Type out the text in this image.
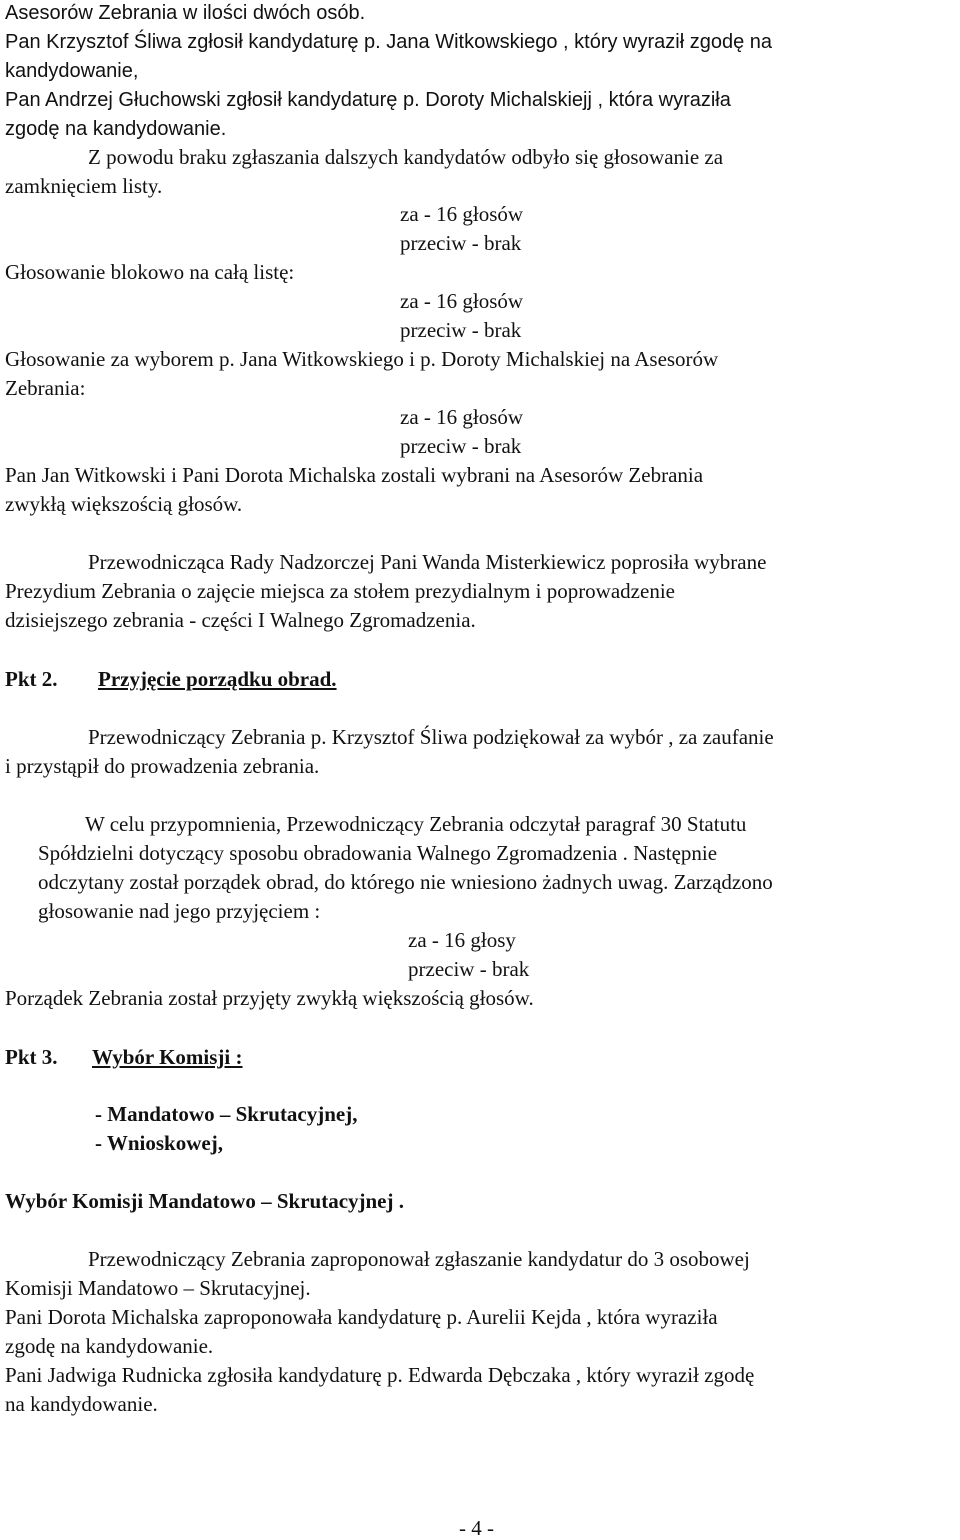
Asesorów Zebrania w ilości dwóch osób.
Pan Krzysztof Śliwa zgłosił kandydaturę p. Jana Witkowskiego , który wyraził zgodę na
kandydowanie,
Pan Andrzej Głuchowski zgłosił kandydaturę p. Doroty Michalskiejj , która wyraziła
zgodę na kandydowanie.
Z powodu braku zgłaszania dalszych kandydatów odbyło się głosowanie za
zamknięciem listy.
za - 16 głosów
przeciw - brak
Głosowanie blokowo na całą listę:
za - 16 głosów
przeciw - brak
Głosowanie za wyborem p. Jana Witkowskiego i p. Doroty Michalskiej na Asesorów
Zebrania:
za - 16 głosów
przeciw - brak
Pan Jan Witkowski i Pani Dorota Michalska zostali wybrani na Asesorów Zebrania
zwykłą większością głosów.
Przewodnicząca Rady Nadzorczej Pani Wanda Misterkiewicz poprosiła wybrane
Prezydium Zebrania o zajęcie miejsca za stołem prezydialnym i poprowadzenie
dzisiejszego zebrania - części I Walnego Zgromadzenia.
Pkt 2. Przyjęcie porządku obrad.
Przewodniczący Zebrania p. Krzysztof Śliwa podziękował za wybór , za zaufanie
i przystąpił do prowadzenia zebrania.
W celu przypomnienia, Przewodniczący Zebrania odczytał paragraf 30 Statutu
Spółdzielni dotyczący sposobu obradowania Walnego Zgromadzenia . Następnie
odczytany został porządek obrad, do którego nie wniesiono żadnych uwag. Zarządzono
głosowanie nad jego przyjęciem :
za - 16 głosy
przeciw - brak
Porządek Zebrania został przyjęty zwykłą większością głosów.
Pkt 3. Wybór Komisji :
- Mandatowo – Skrutacyjnej,
- Wnioskowej,
Wybór Komisji Mandatowo – Skrutacyjnej .
Przewodniczący Zebrania zaproponował zgłaszanie kandydatur do 3 osobowej
Komisji Mandatowo – Skrutacyjnej.
Pani Dorota Michalska zaproponowała kandydaturę p. Aurelii Kejda , która wyraziła
zgodę na kandydowanie.
Pani Jadwiga Rudnicka zgłosiła kandydaturę p. Edwarda Dębczaka , który wyraził zgodę
na kandydowanie.
- 4 -
